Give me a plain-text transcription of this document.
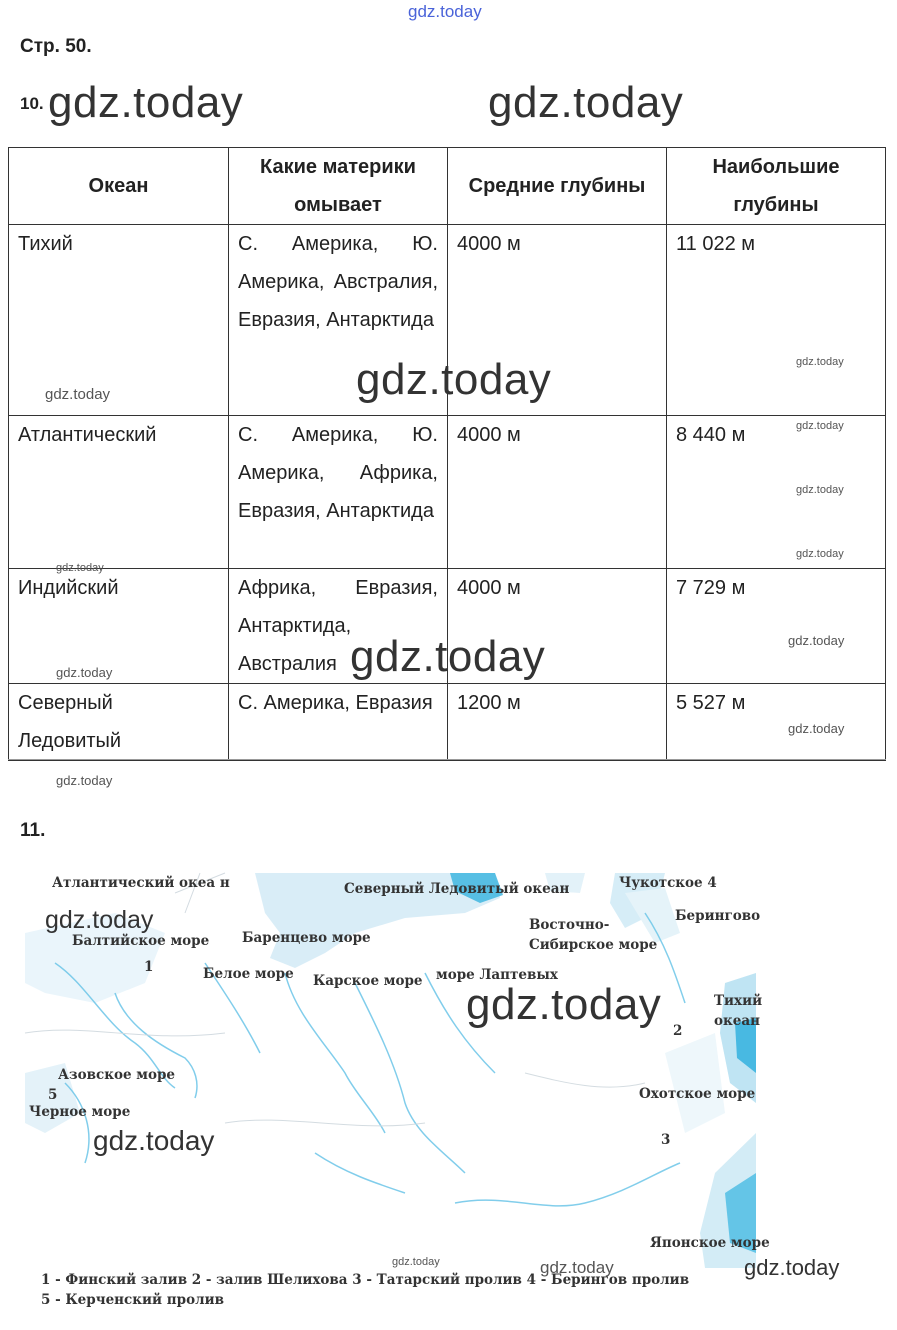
gdz.today
Стр. 50.
10. gdz.today	gdz.today
Океан	Какие материки омывает	Средние глубины	Наибольшие глубины
Тихий	С. Америка, Ю. Америка, Австралия, Евразия, Антарктида	4000 м	11 022 м
Атлантический	С. Америка, Ю. Америка, Африка, Евразия, Антарктида	4000 м	8 440 м
Индийский	Африка, Евразия, Антарктида, Австралия	4000 м	7 729 м
Северный Ледовитый	С. Америка, Евразия	1200 м	5 527 м
gdz.today
gdz.today
gdz.today
gdz.today
gdz.today
gdz.today
gdz.today
gdz.today
gdz.today
gdz.today
gdz.today
gdz.today
11.
Атлантический океа н	Северный Ледовитый океан	Чукотское 4
Берингово
Балтийское море Баренцево море
Восточно-
Сибирское море
1	Белое море Карское море море Лаптевых
Тихий
океан
2
Азовское море
5
Черное море
Охотское море
3
Японское море
gdz.today
gdz.today
gdz.today
gdz.today	gdz.today	gdz.today
1 - Финский залив 2 - залив Шелихова 3 - Татарский пролив 4 - Берингов пролив
5 - Керченский пролив
